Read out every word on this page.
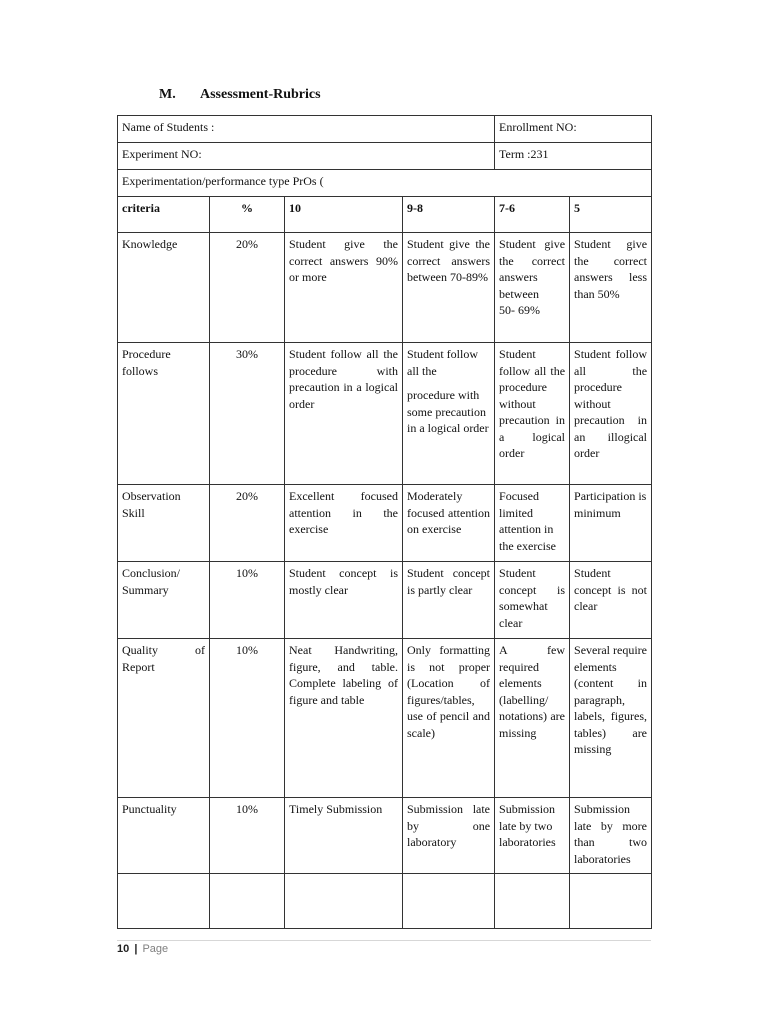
M. Assessment-Rubrics
Name of Students :				Enrollment NO:	
Experiment NO:				Term :231	
Experimentation/performance type PrOs (					
criteria	%	10	9-8	7-6	5
Knowledge	20%	Student give the correct answers 90% or more	Student give the correct answers between 70-89%	Student give the correct answers between
50- 69%	Student give the correct answers less than 50%
Procedure follows	30%	Student follow all the procedure with precaution in a logical order	Student follow all the
procedure with some precaution in a logical order	Student follow all the procedure without precaution in a logical order	Student follow all the procedure without precaution in an illogical order
Observation Skill	20%	Excellent focused attention in the exercise	Moderately focused attention on exercise	Focused limited attention in the exercise	Participation is minimum
Conclusion/ Summary	10%	Student concept is mostly clear	Student concept is partly clear	Student concept is somewhat clear	Student concept is not clear
Quality of Report	10%	Neat Handwriting, figure, and table. Complete labeling of figure and table	Only formatting is not proper (Location of figures/tables, use of pencil and scale)	A few required elements (labelling/ notations) are missing	Several require elements (content in paragraph, labels, figures, tables) are missing
Punctuality	10%	Timely Submission	Submission late by one laboratory	Submission late by two laboratories	Submission late by more than two laboratories

10 | Page
